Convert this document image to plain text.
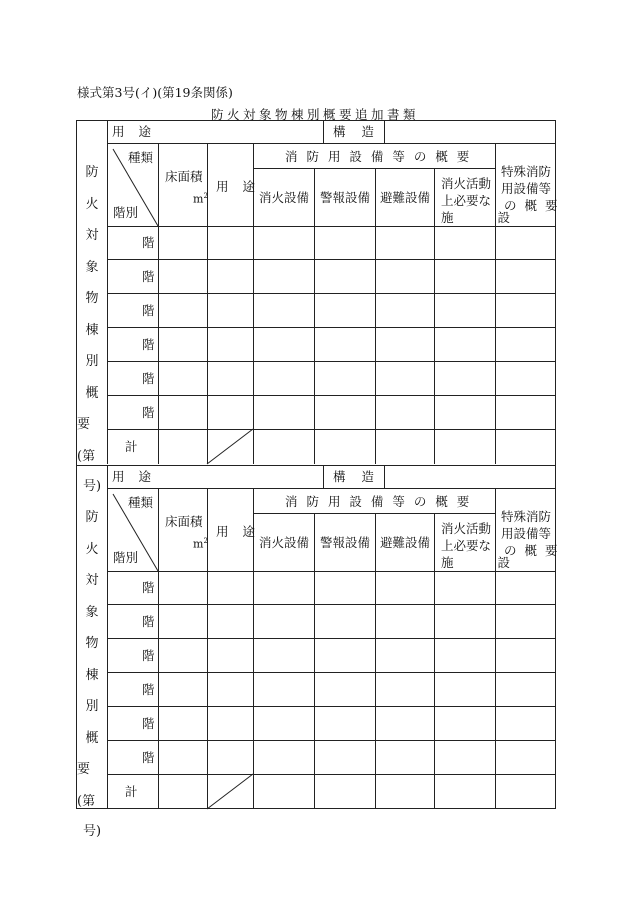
様式第3号(イ)(第19条関係)
防火対象物棟別概要追加書類
防
火
対
象
物
棟
別
概
要(第
号)
用 途	構 造
種類
階別
床面積
$m^2$
用 途
消 防 用 設 備 等 の 概 要
消火設備 警報設備 避難設備
消火活動
上必要な
施 設
特殊消防
用設備等
の 概 要
階
階
階
階
階
階
計
防
火
対
象
物
棟
別
概
要(第
号)
用 途	構 造
種類
階別
床面積
$m^2$
用 途
消 防 用 設 備 等 の 概 要
消火設備 警報設備 避難設備
消火活動
上必要な
施 設
特殊消防
用設備等
の 概 要
階
階
階
階
階
階
計
